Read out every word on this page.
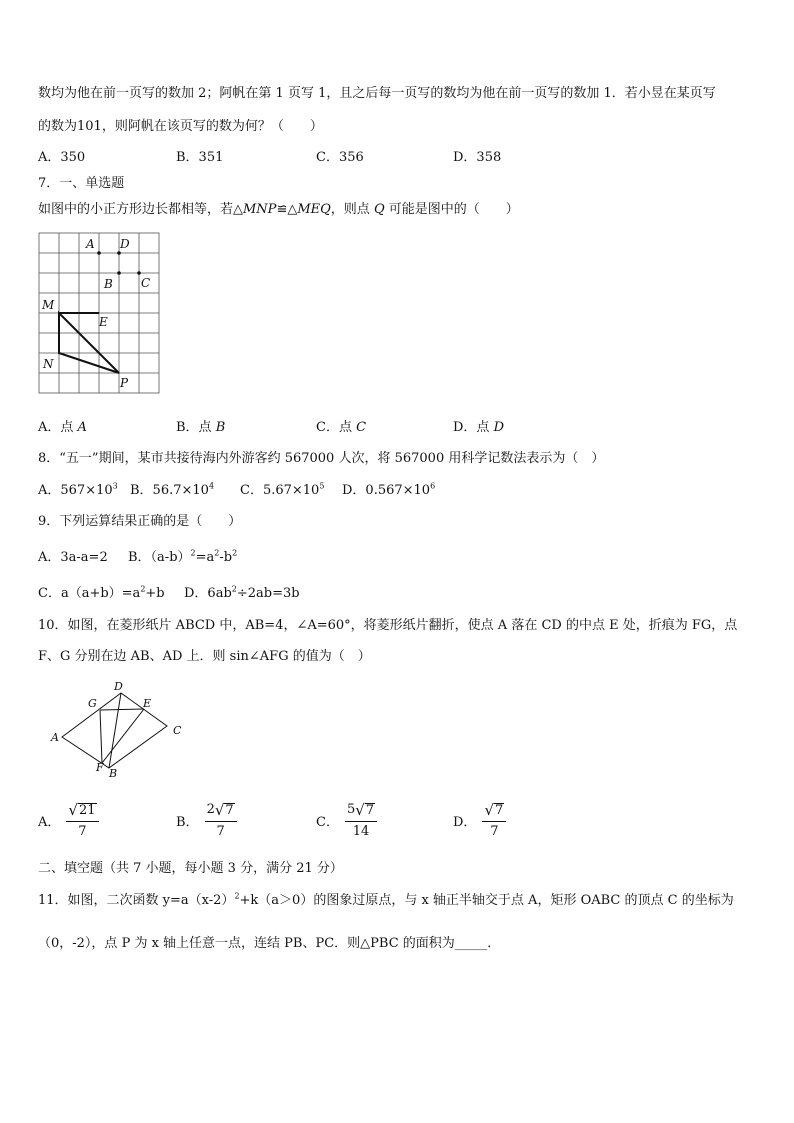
数均为他在前一页写的数加 2；阿帆在第 1 页写 1，且之后每一页写的数均为他在前一页写的数加 1．若小昱在某页写
的数为101，则阿帆在该页写的数为何？（　　）
A．350	B．351	C．356	D．358
7．一、单选题
如图中的小正方形边长都相等，若△MNP≌△MEQ，则点 Q 可能是图中的（　　）
A D
B C
M
E
N
P
A．点 A	B．点 B	C．点 C	D．点 D
8．“五一”期间，某市共接待海内外游客约 567000 人次，将 567000 用科学记数法表示为（　）
A．$567\times 10^3$ B．$56.7\times 10^4$ C．$5.67\times 10^5$ D．$0.567\times 10^6$
9．下列运算结果正确的是（　　）
A．3a-a=2 B．$(a-b)^2=a^2-b^2$
C．$a(a+b)=a^2+b$ D．$6ab^2\div 2ab=3b$
10．如图，在菱形纸片 ABCD 中，AB=4，∠A=60°，将菱形纸片翻折，使点 A 落在 CD 的中点 E 处，折痕为 FG，点
F、G 分别在边 AB、AD 上．则 sin∠AFG 的值为（　）
D
G	E
A
C
F B
A． $\frac{√ 21}{7}$	B． $\frac{2 √ 7}{7}$	C． $\frac{5 √ 7}{14}$	D． $\frac{√ 7}{7}$
二、填空题（共 7 小题，每小题 3 分，满分 21 分）
11．如图，二次函数 $y=a(x-2)^2+k(a>0)$的图象过原点，与 x 轴正半轴交于点 A，矩形 OABC 的顶点 C 的坐标为
（0，-2），点 P 为 x 轴上任意一点，连结 PB、PC．则△PBC 的面积为_____．
